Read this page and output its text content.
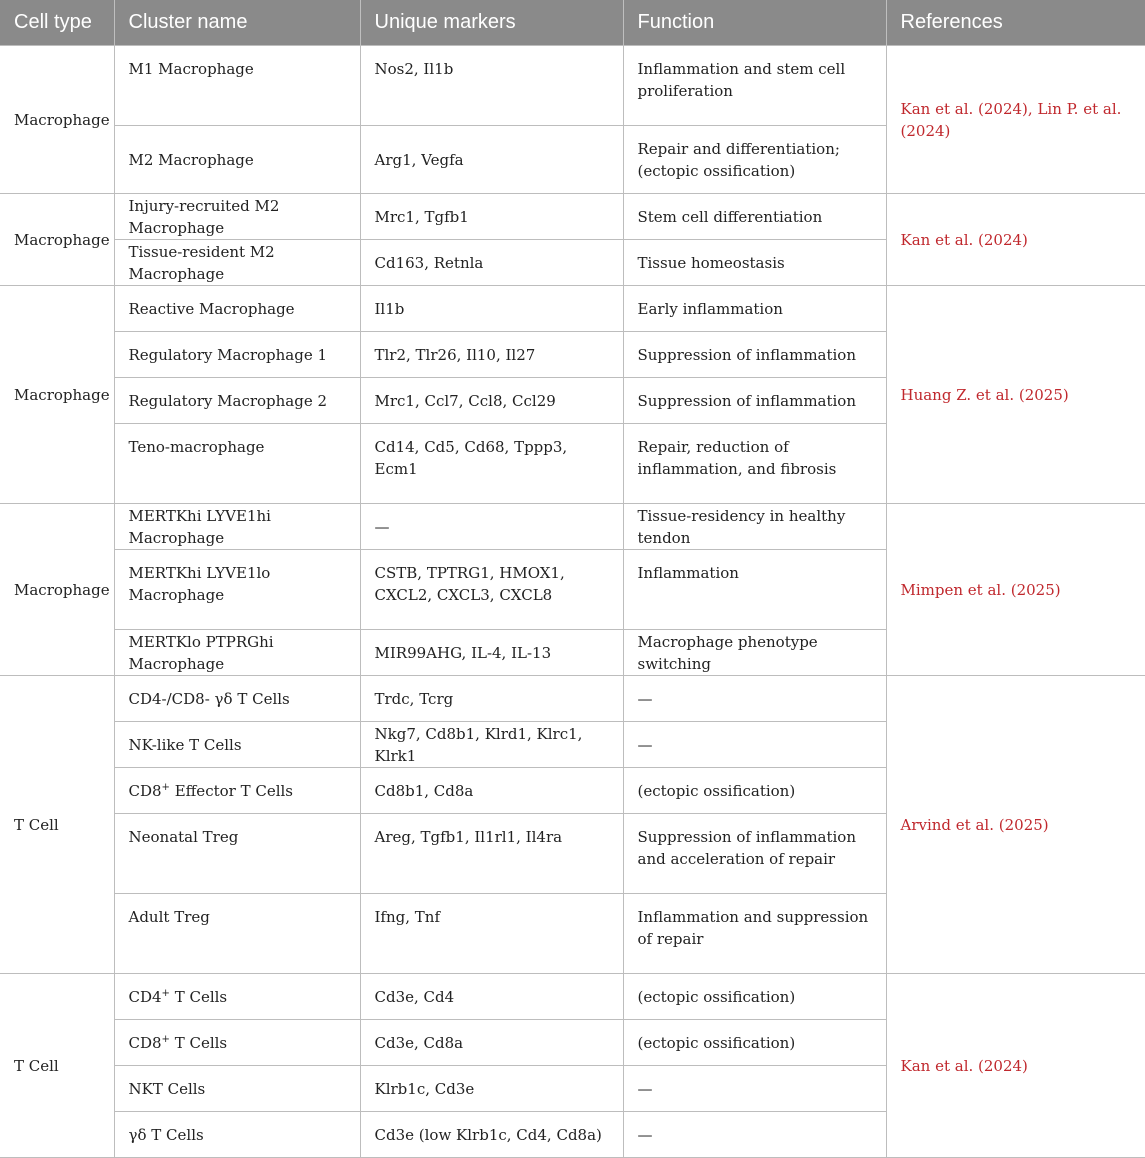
Cell type	Cluster name	Unique markers	Function	References
Macrophage	M1 Macrophage	Nos2, Il1b	Inflammation and stem cell proliferation	Kan et al. (2024), Lin P. et al. (2024)
	M2 Macrophage	Arg1, Vegfa	Repair and differentiation; (ectopic ossification)	
Macrophage	Injury-recruited M2 Macrophage	Mrc1, Tgfb1	Stem cell differentiation	Kan et al. (2024)
	Tissue-resident M2 Macrophage	Cd163, Retnla	Tissue homeostasis	
Macrophage	Reactive Macrophage	Il1b	Early inflammation	Huang Z. et al. (2025)
	Regulatory Macrophage 1	Tlr2, Tlr26, Il10, Il27	Suppression of inflammation	
	Regulatory Macrophage 2	Mrc1, Ccl7, Ccl8, Ccl29	Suppression of inflammation	
	Teno-macrophage	Cd14, Cd5, Cd68, Tppp3, Ecm1	Repair, reduction of inflammation, and fibrosis	
Macrophage	MERTKhi LYVE1hi Macrophage	—	Tissue-residency in healthy tendon	Mimpen et al. (2025)
	MERTKhi LYVE1lo Macrophage	CSTB, TPTRG1, HMOX1, CXCL2, CXCL3, CXCL8	Inflammation	
	MERTKlo PTPRGhi Macrophage	MIR99AHG, IL-4, IL-13	Macrophage phenotype switching	
T Cell	CD4-/CD8- γδ T Cells	Trdc, Tcrg	—	Arvind et al. (2025)
	NK-like T Cells	Nkg7, Cd8b1, Klrd1, Klrc1, Klrk1	—	
	CD8+ Effector T Cells	Cd8b1, Cd8a	(ectopic ossification)	
	Neonatal Treg	Areg, Tgfb1, Il1rl1, Il4ra	Suppression of inflammation and acceleration of repair	
	Adult Treg	Ifng, Tnf	Inflammation and suppression of repair	
T Cell	CD4+ T Cells	Cd3e, Cd4	(ectopic ossification)	Kan et al. (2024)
	CD8+ T Cells	Cd3e, Cd8a	(ectopic ossification)	
	NKT Cells	Klrb1c, Cd3e	—	
	γδ T Cells	Cd3e (low Klrb1c, Cd4, Cd8a)	—	
